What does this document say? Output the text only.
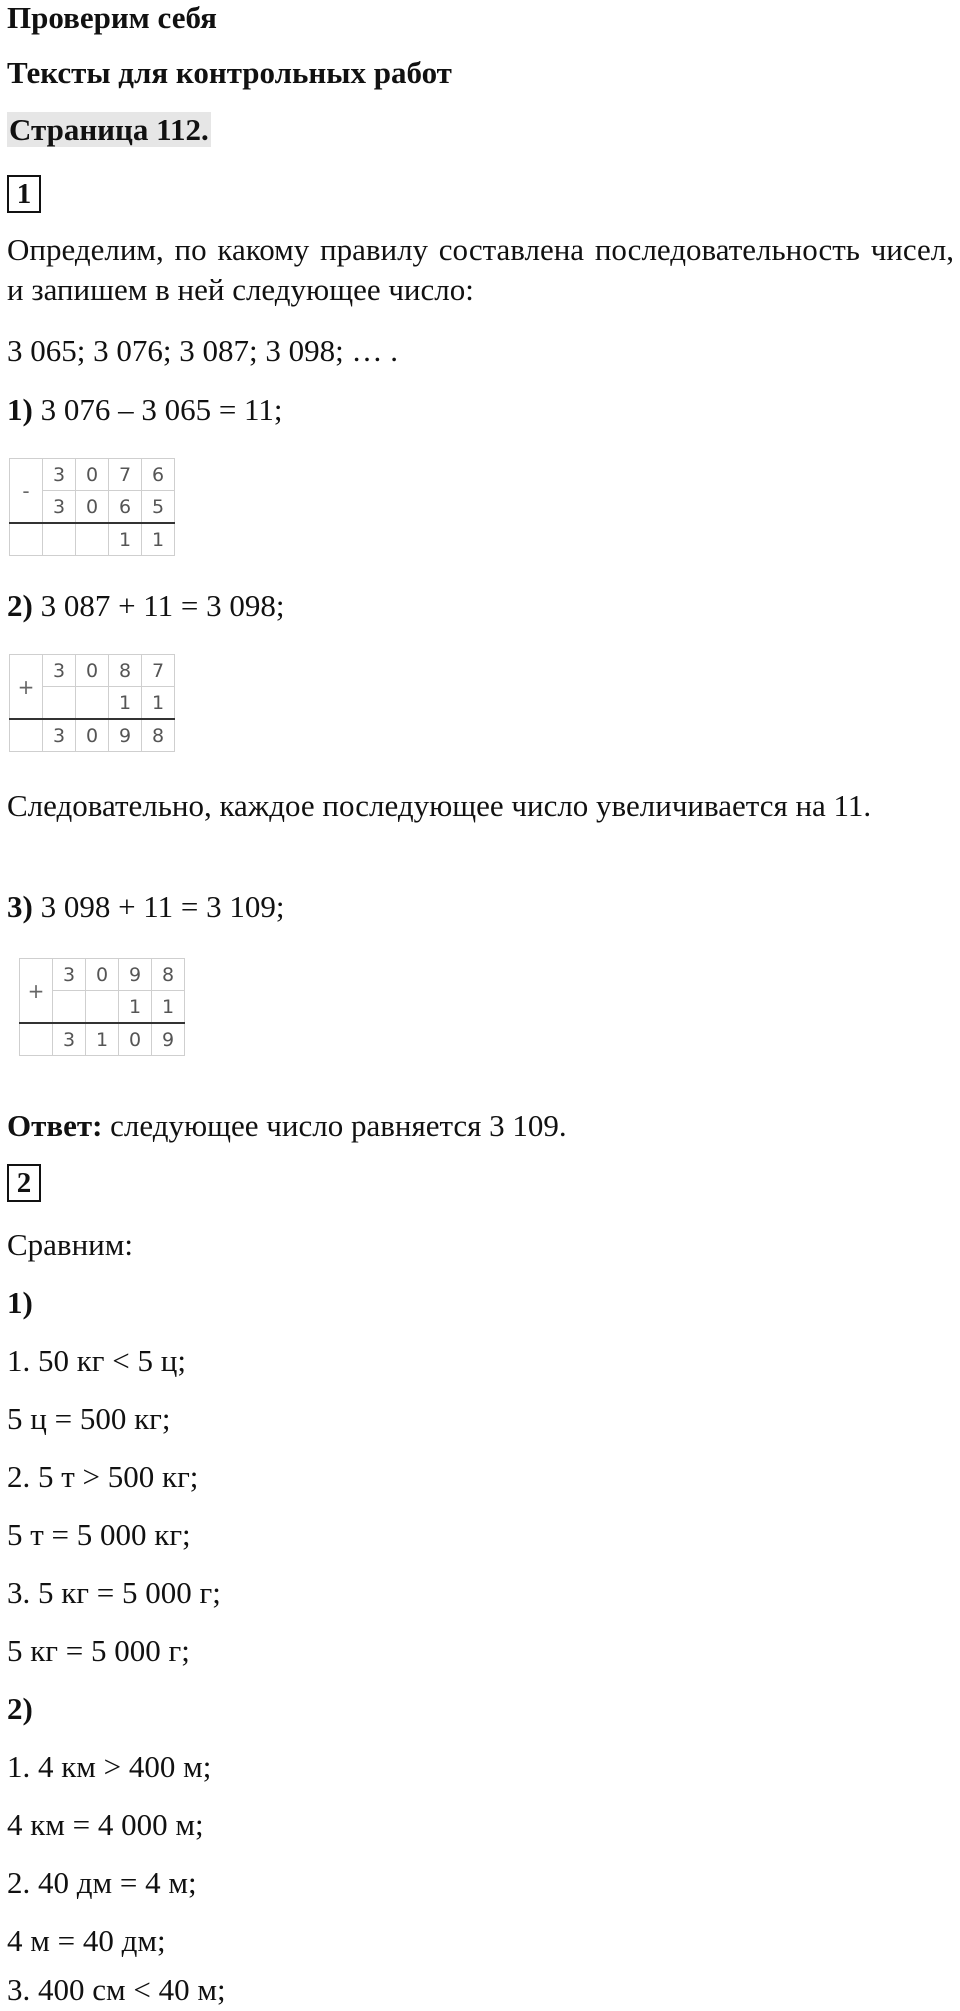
Проверим себя
Тексты для контрольных работ
Страница 112.
1
Определим, по какому правилу составлена последовательность чисел, и запишем в ней следующее число:
3 065; 3 076; 3 087; 3 098; … .
1) 3 076 – 3 065 = 11;
-	3	0	7	6
	3	0	6	5
			1	1
2) 3 087 + 11 = 3 098;
+	3	0	8	7
			1	1
	3	0	9	8
Следовательно, каждое последующее число увеличивается на 11.
3) 3 098 + 11 = 3 109;
+	3	0	9	8
			1	1
	3	1	0	9
Ответ: следующее число равняется 3 109.
2
Сравним:
1)
1. 50 кг < 5 ц;
5 ц = 500 кг;
2. 5 т > 500 кг;
5 т = 5 000 кг;
3. 5 кг = 5 000 г;
5 кг = 5 000 г;
2)
1. 4 км > 400 м;
4 км = 4 000 м;
2. 40 дм = 4 м;
4 м = 40 дм;
3. 400 см < 40 м;
